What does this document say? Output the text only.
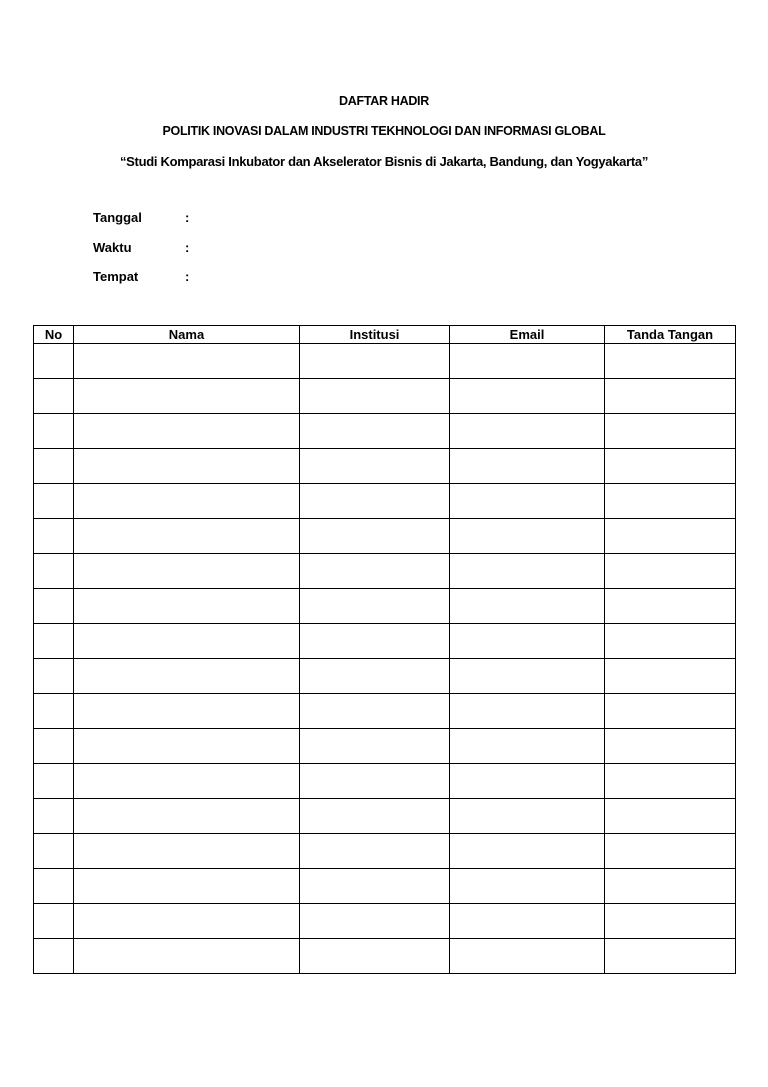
DAFTAR HADIR
POLITIK INOVASI DALAM INDUSTRI TEKHNOLOGI DAN INFORMASI GLOBAL
“Studi Komparasi Inkubator dan Akselerator Bisnis di Jakarta, Bandung, dan Yogyakarta”
Tanggal	:
Waktu	:
Tempat	:
No	Nama	Institusi	Email	Tanda Tangan
